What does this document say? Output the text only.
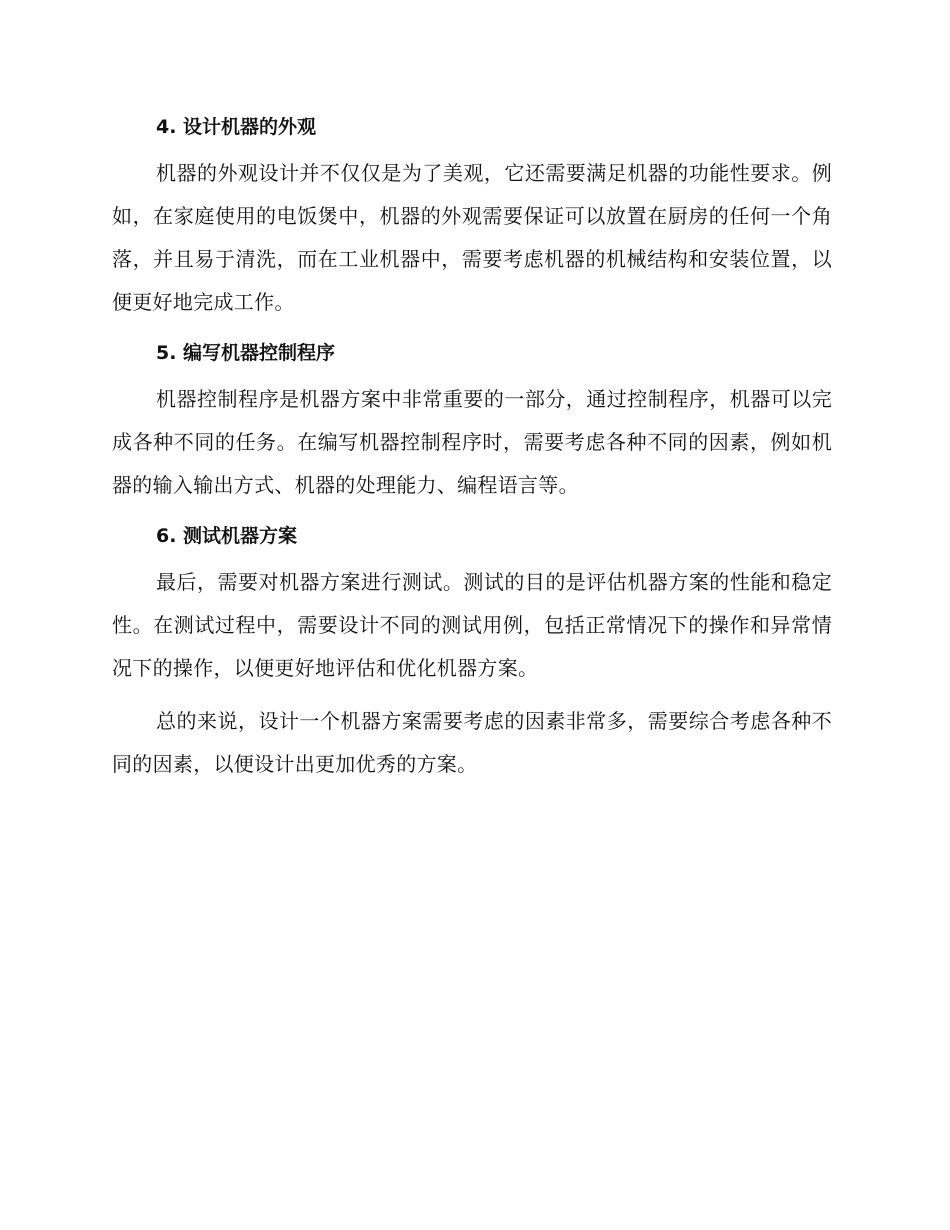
4. 设计机器的外观

机器的外观设计并不仅仅是为了美观，它还需要满足机器的功能性要求。例如，在家庭使用的电饭煲中，机器的外观需要保证可以放置在厨房的任何一个角落，并且易于清洗，而在工业机器中，需要考虑机器的机械结构和安装位置，以便更好地完成工作。

5. 编写机器控制程序

机器控制程序是机器方案中非常重要的一部分，通过控制程序，机器可以完成各种不同的任务。在编写机器控制程序时，需要考虑各种不同的因素，例如机器的输入输出方式、机器的处理能力、编程语言等。

6. 测试机器方案

最后，需要对机器方案进行测试。测试的目的是评估机器方案的性能和稳定性。在测试过程中，需要设计不同的测试用例，包括正常情况下的操作和异常情况下的操作，以便更好地评估和优化机器方案。

总的来说，设计一个机器方案需要考虑的因素非常多，需要综合考虑各种不同的因素，以便设计出更加优秀的方案。
